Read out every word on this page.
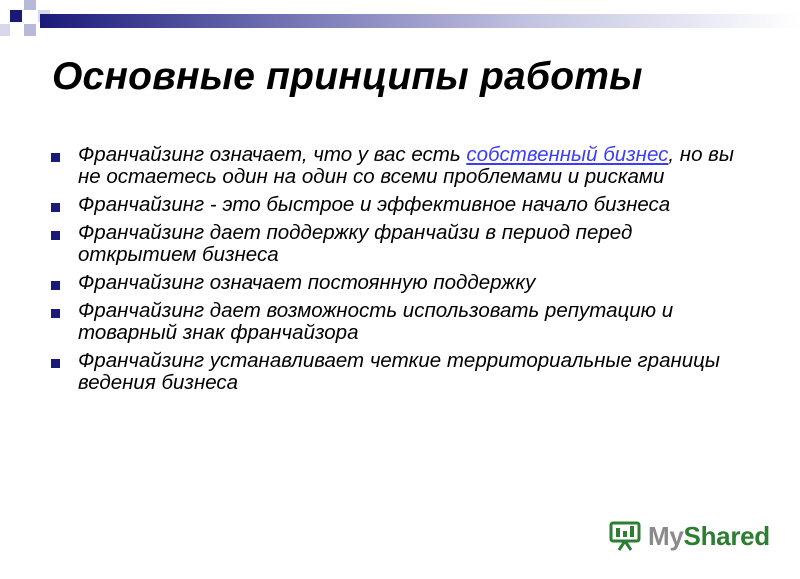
Основные принципы работы
Франчайзинг означает, что у вас есть собственный бизнес, но вы не остаетесь один на один со всеми проблемами и рисками
Франчайзинг - это быстрое и эффективное начало бизнеса
Франчайзинг дает поддержку франчайзи в период перед открытием бизнеса
Франчайзинг означает постоянную поддержку
Франчайзинг дает возможность использовать репутацию и товарный знак франчайзора
Франчайзинг устанавливает четкие территориальные границы ведения бизнеса
MyShared
